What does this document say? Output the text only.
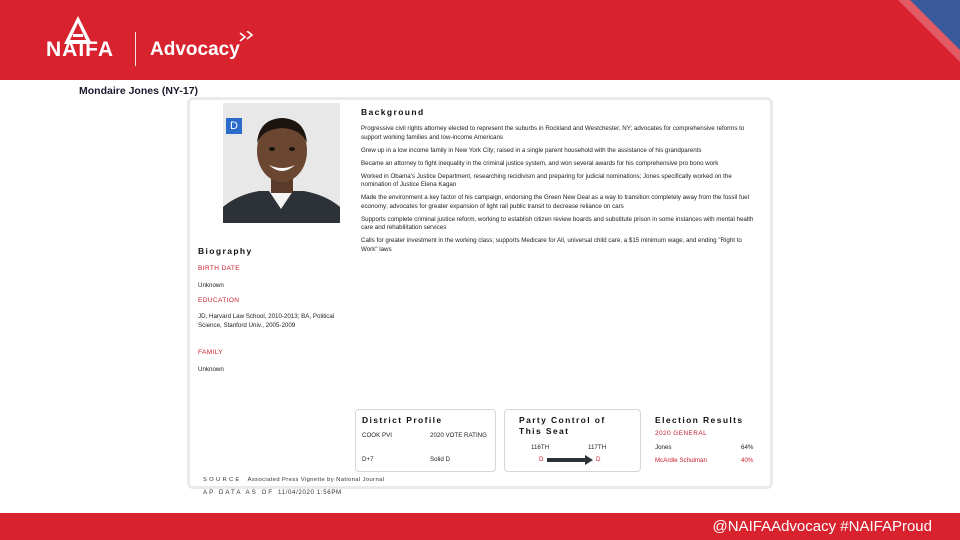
NAIFA Advocacy
Mondaire Jones (NY-17)
D
Biography
BIRTH DATE
Unknown
EDUCATION
JD, Harvard Law School, 2010-2013; BA, Political Science, Stanford Univ., 2005-2009
FAMILY
Unknown
Background
Progressive civil rights attorney elected to represent the suburbs in Rockland and Westchester, NY; advocates for comprehensive reforms to support working families and low-income Americans
Grew up in a low income family in New York City; raised in a single parent household with the assistance of his grandparents
Became an attorney to fight inequality in the criminal justice system, and won several awards for his comprehensive pro bono work
Worked in Obama's Justice Department, researching recidivism and preparing for judicial nominations; Jones specifically worked on the nomination of Justice Elena Kagan
Made the environment a key factor of his campaign, endorsing the Green New Deal as a way to transition completely away from the fossil fuel economy; advocates for greater expansion of light rail public transit to decrease reliance on cars
Supports complete criminal justice reform, working to establish citizen review boards and substitute prison in some instances with mental health care and rehabilitation services
Calls for greater investment in the working class; supports Medicare for All, universal child care, a $15 minimum wage, and ending "Right to Work" laws
District Profile
COOK PVI	2020 VOTE RATING
D+7	Solid D
Party Control of This Seat
116TH	117TH
D	D
Election Results
2020 GENERAL
Jones	64%
McArdle Schulman	40%
SOURCE Associated Press Vignette by National Journal
AP DATA AS OF 11/04/2020 1:56PM
@NAIFAAdvocacy #NAIFAProud
